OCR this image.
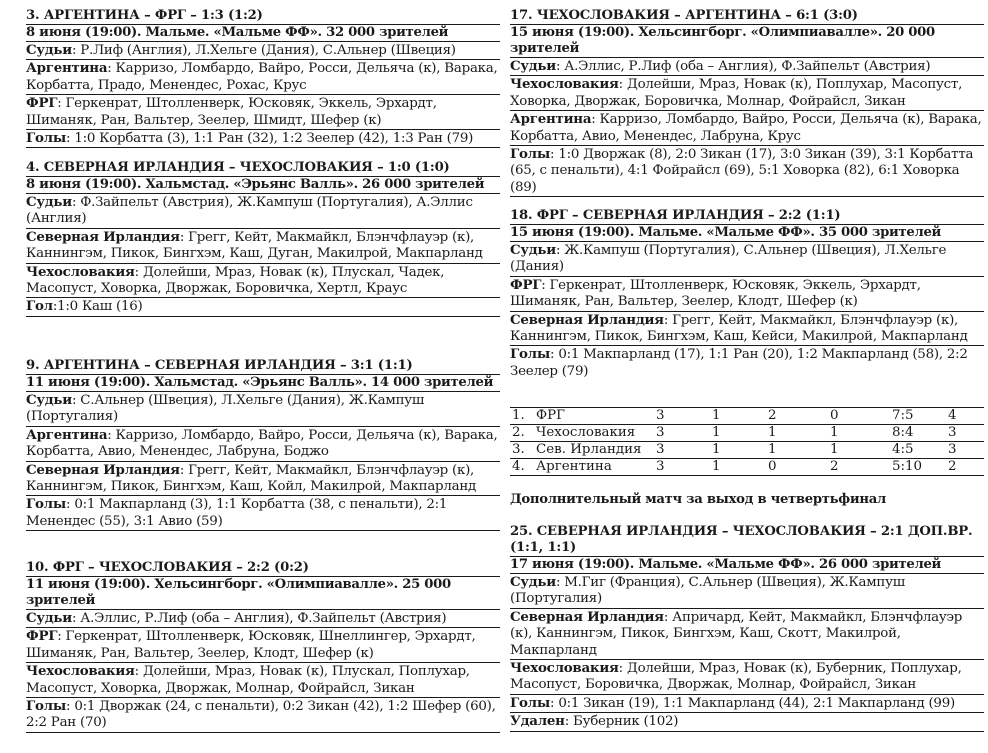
3. АРГЕНТИНА – ФРГ – 1:3 (1:2)
8 июня (19:00). Мальме. «Мальме ФФ». 32 000 зрителей
Судьи: Р.Лиф (Англия), Л.Хельге (Дания), С.Альнер (Швеция)
Аргентина: Карризо, Ломбардо, Вайро, Росси, Дельяча (к), Варака, Корбатта, Прадо, Менендес, Рохас, Крус
ФРГ: Геркенрат, Штолленверк, Юсковяк, Эккель, Эрхардт, Шиманяк, Ран, Вальтер, Зеелер, Шмидт, Шефер (к)
Голы: 1:0 Корбатта (3), 1:1 Ран (32), 1:2 Зеелер (42), 1:3 Ран (79)
4. СЕВЕРНАЯ ИРЛАНДИЯ – ЧЕХОСЛОВАКИЯ – 1:0 (1:0)
8 июня (19:00). Хальмстад. «Эрьянс Валль». 26 000 зрителей
Судьи: Ф.Зайпельт (Австрия), Ж.Кампуш (Португалия), А.Эллис (Англия)
Северная Ирландия: Грегг, Кейт, Макмайкл, Блэнчфлауэр (к), Каннингэм, Пикок, Бингхэм, Каш, Дуган, Макилрой, Макпарланд
Чехословакия: Долейши, Мраз, Новак (к), Плускал, Чадек, Масопуст, Ховорка, Дворжак, Боровичка, Хертл, Краус
Гол:1:0 Каш (16)
9. АРГЕНТИНА – СЕВЕРНАЯ ИРЛАНДИЯ – 3:1 (1:1)
11 июня (19:00). Хальмстад. «Эрьянс Валль». 14 000 зрителей
Судьи: С.Альнер (Швеция), Л.Хельге (Дания), Ж.Кампуш (Португалия)
Аргентина: Карризо, Ломбардо, Вайро, Росси, Дельяча (к), Варака, Корбатта, Авио, Менендес, Лабруна, Бoджо
Северная Ирландия: Грегг, Кейт, Макмайкл, Блэнчфлауэр (к), Каннингэм, Пикок, Бингхэм, Каш, Койл, Макилрой, Макпарланд
Голы: 0:1 Макпарланд (3), 1:1 Корбатта (38, с пенальти), 2:1 Менендес (55), 3:1 Авио (59)
10. ФРГ – ЧЕХОСЛОВАКИЯ – 2:2 (0:2)
11 июня (19:00). Хельсингборг. «Олимпиавалле». 25 000 зрителей
Судьи: А.Эллис, Р.Лиф (оба – Англия), Ф.Зайпельт (Австрия)
ФРГ: Геркенрат, Штолленверк, Юсковяк, Шнеллингер, Эрхардт, Шиманяк, Ран, Вальтер, Зеелер, Клодт, Шефер (к)
Чехословакия: Долейши, Мраз, Новак (к), Плускал, Поплухар, Масопуст, Ховорка, Дворжак, Молнар, Фойрайсл, Зикан
Голы: 0:1 Дворжак (24, с пенальти), 0:2 Зикан (42), 1:2 Шефер (60), 2:2 Ран (70)
17. ЧЕХОСЛОВАКИЯ – АРГЕНТИНА – 6:1 (3:0)
15 июня (19:00). Хельсингборг. «Олимпиавалле». 20 000 зрителей
Судьи: А.Эллис, Р.Лиф (оба – Англия), Ф.Зайпельт (Австрия)
Чехословакия: Долейши, Мраз, Новак (к), Поплухар, Масопуст, Ховорка, Дворжак, Боровичка, Молнар, Фойрайсл, Зикан
Аргентина: Карризо, Ломбардо, Вайро, Росси, Дельяча (к), Варака, Корбатта, Авио, Менендес, Лабруна, Крус
Голы: 1:0 Дворжак (8), 2:0 Зикан (17), 3:0 Зикан (39), 3:1 Корбатта (65, с пенальти), 4:1 Фойрайсл (69), 5:1 Ховорка (82), 6:1 Ховорка (89)
18. ФРГ – СЕВЕРНАЯ ИРЛАНДИЯ – 2:2 (1:1)
15 июня (19:00). Мальме. «Мальме ФФ». 35 000 зрителей
Судьи: Ж.Кампуш (Португалия), С.Альнер (Швеция), Л.Хельге (Дания)
ФРГ: Геркенрат, Штолленверк, Юсковяк, Эккель, Эрхардт, Шиманяк, Ран, Вальтер, Зеелер, Клодт, Шефер (к)
Северная Ирландия: Грегг, Кейт, Макмайкл, Блэнчфлауэр (к), Каннингэм, Пикок, Бингхэм, Каш, Кейси, Макилрой, Макпарланд
Голы: 0:1 Макпарланд (17), 1:1 Ран (20), 1:2 Макпарланд (58), 2:2 Зеелер (79)
1. ФРГ	3	1	2	0	7:5	4
2. Чехословакия 3	1	1	1	8:4	3
3. Сев. Ирландия 3	1	1	1	4:5	3
4. Аргентина	3	1	0	2	5:10 2
Дополнительный матч за выход в четвертьфинал
25. СЕВЕРНАЯ ИРЛАНДИЯ – ЧЕХОСЛОВАКИЯ – 2:1 ДОП.ВР. (1:1, 1:1)
17 июня (19:00). Мальме. «Мальме ФФ». 26 000 зрителей
Судьи: М.Гиг (Франция), С.Альнер (Швеция), Ж.Кампуш (Португалия)
Северная Ирландия: Апричард, Кейт, Макмайкл, Блэнчфлауэр (к), Каннингэм, Пикок, Бингхэм, Каш, Скотт, Макилрой, Макпарланд
Чехословакия: Долейши, Мраз, Новак (к), Буберник, Поплухар, Масопуст, Боровичка, Дворжак, Молнар, Фойрайсл, Зикан
Голы: 0:1 Зикан (19), 1:1 Макпарланд (44), 2:1 Макпарланд (99)
Удален: Буберник (102)
